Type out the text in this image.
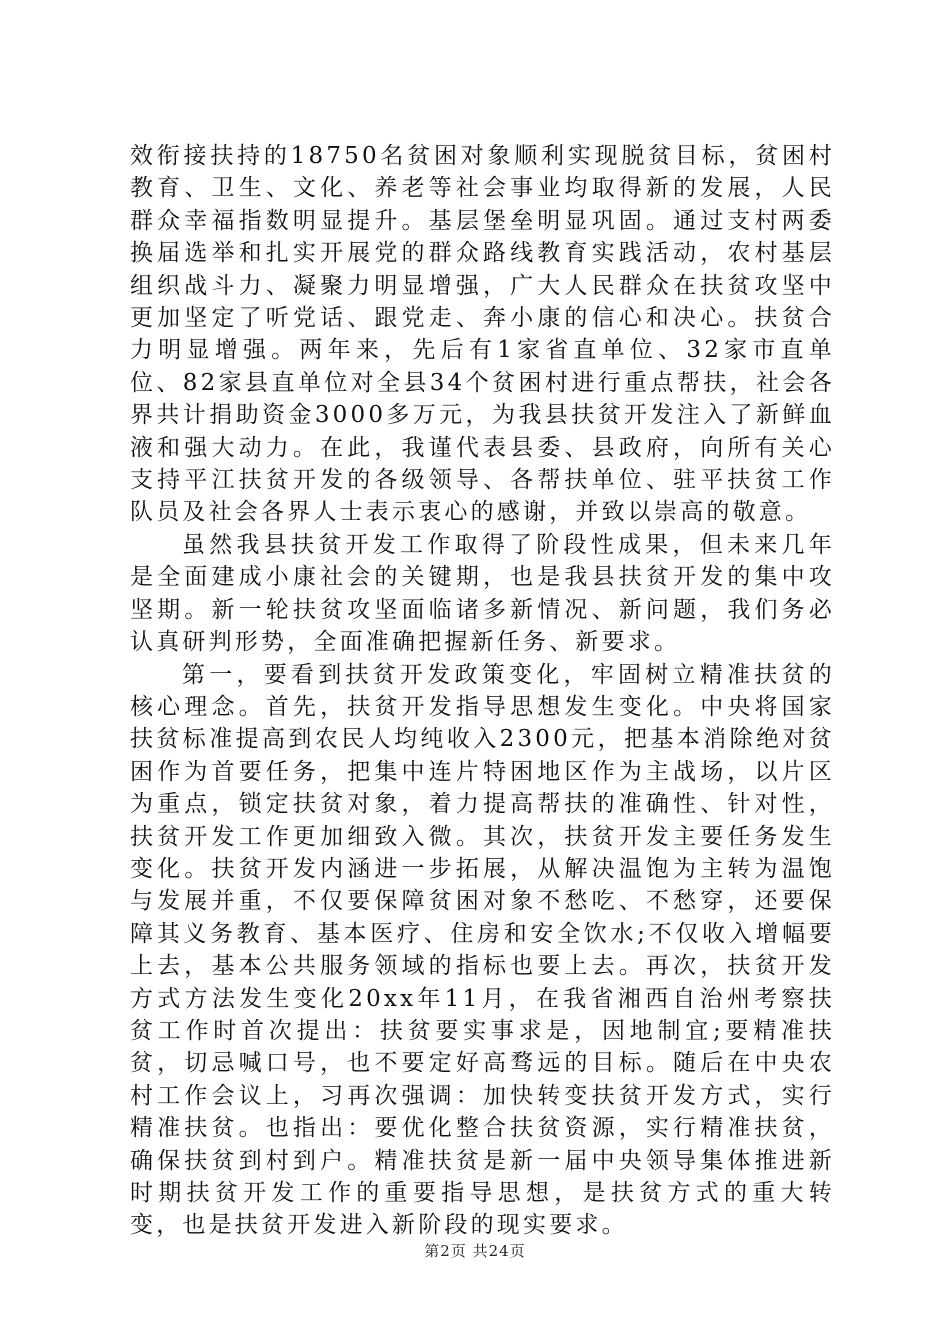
效衔接扶持的18750名贫困对象顺利实现脱贫目标，贫困村教育、卫生、文化、养老等社会事业均取得新的发展，人民群众幸福指数明显提升。基层堡垒明显巩固。通过支村两委换届选举和扎实开展党的群众路线教育实践活动，农村基层组织战斗力、凝聚力明显增强，广大人民群众在扶贫攻坚中更加坚定了听党话、跟党走、奔小康的信心和决心。扶贫合力明显增强。两年来，先后有1家省直单位、32家市直单位、82家县直单位对全县34个贫困村进行重点帮扶，社会各界共计捐助资金3000多万元，为我县扶贫开发注入了新鲜血液和强大动力。在此，我谨代表县委、县政府，向所有关心支持平江扶贫开发的各级领导、各帮扶单位、驻平扶贫工作队员及社会各界人士表示衷心的感谢，并致以崇高的敬意。

虽然我县扶贫开发工作取得了阶段性成果，但未来几年是全面建成小康社会的关键期，也是我县扶贫开发的集中攻坚期。新一轮扶贫攻坚面临诸多新情况、新问题，我们务必认真研判形势，全面准确把握新任务、新要求。

第一，要看到扶贫开发政策变化，牢固树立精准扶贫的核心理念。首先，扶贫开发指导思想发生变化。中央将国家扶贫标准提高到农民人均纯收入2300元，把基本消除绝对贫困作为首要任务，把集中连片特困地区作为主战场，以片区为重点，锁定扶贫对象，着力提高帮扶的准确性、针对性，扶贫开发工作更加细致入微。其次，扶贫开发主要任务发生变化。扶贫开发内涵进一步拓展，从解决温饱为主转为温饱与发展并重，不仅要保障贫困对象不愁吃、不愁穿，还要保障其义务教育、基本医疗、住房和安全饮水;不仅收入增幅要上去，基本公共服务领域的指标也要上去。再次，扶贫开发方式方法发生变化20xx年11月，在我省湘西自治州考察扶贫工作时首次提出：扶贫要实事求是，因地制宜;要精准扶贫，切忌喊口号，也不要定好高骛远的目标。随后在中央农村工作会议上，习再次强调：加快转变扶贫开发方式，实行精准扶贫。也指出：要优化整合扶贫资源，实行精准扶贫，确保扶贫到村到户。精准扶贫是新一届中央领导集体推进新时期扶贫开发工作的重要指导思想，是扶贫方式的重大转变，也是扶贫开发进入新阶段的现实要求。

第2页 共24页
